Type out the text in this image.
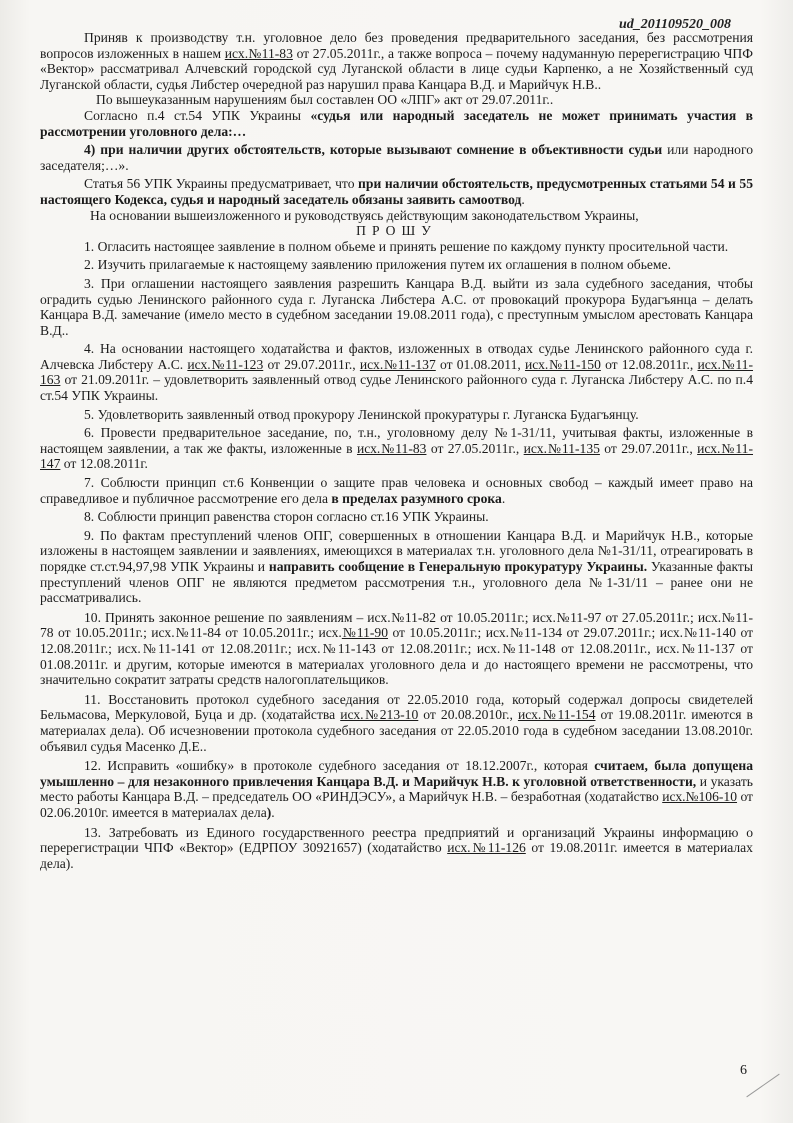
ud_201109520_008

Приняв к производству т.н. уголовное дело без проведения предварительного заседания, без рассмотрения вопросов изложенных в нашем исх.№11-83 от 27.05.2011г., а также вопроса – почему надуманную перерегистрацию ЧПФ «Вектор» рассматривал Алчевский городской суд Луганской области в лице судьи Карпенко, а не Хозяйственный суд Луганской области, судья Либстер очередной раз нарушил права Канцара В.Д. и Марийчук Н.В..

По вышеуказанным нарушениям был составлен ОО «ЛПГ» акт от 29.07.2011г..

Согласно п.4 ст.54 УПК Украины «судья или народный заседатель не может принимать участия в рассмотрении уголовного дела:…

4) при наличии других обстоятельств, которые вызывают сомнение в объективности судьи или народного заседателя;…».

Статья 56 УПК Украины предусматривает, что при наличии обстоятельств, предусмотренных статьями 54 и 55 настоящего Кодекса, судья и народный заседатель обязаны заявить самоотвод.

На основании вышеизложенного и руководствуясь действующим законодательством Украины,

ПРОШУ

1. Огласить настоящее заявление в полном обьеме и принять решение по каждому пункту просительной части.

2. Изучить прилагаемые к настоящему заявлению приложения путем их оглашения в полном обьеме.

3. При оглашении настоящего заявления разрешить Канцара В.Д. выйти из зала судебного заседания, чтобы оградить судью Ленинского районного суда г. Луганска Либстера А.С. от провокаций прокурора Будагъянца – делать Канцара В.Д. замечание (имело место в судебном заседании 19.08.2011 года), с преступным умыслом арестовать Канцара В.Д..

4. На основании настоящего ходатайства и фактов, изложенных в отводах судье Ленинского районного суда г. Алчевска Либстеру А.С. исх.№11-123 от 29.07.2011г., исх.№11-137 от 01.08.2011, исх.№11-150 от 12.08.2011г., исх.№11-163 от 21.09.2011г. – удовлетворить заявленный отвод судье Ленинского районного суда г. Луганска Либстеру А.С. по п.4 ст.54 УПК Украины.

5. Удовлетворить заявленный отвод прокурору Ленинской прокуратуры г. Луганска Будагъянцу.

6. Провести предварительное заседание, по, т.н., уголовному делу №1-31/11, учитывая факты, изложенные в настоящем заявлении, а так же факты, изложенные в исх.№11-83 от 27.05.2011г., исх.№11-135 от 29.07.2011г., исх.№11-147 от 12.08.2011г.

7. Соблюсти принцип ст.6 Конвенции о защите прав человека и основных свобод – каждый имеет право на справедливое и публичное рассмотрение его дела в пределах разумного срока.

8. Соблюсти принцип равенства сторон согласно ст.16 УПК Украины.

9. По фактам преступлений членов ОПГ, совершенных в отношении Канцара В.Д. и Марийчук Н.В., которые изложены в настоящем заявлении и заявлениях, имеющихся в материалах т.н. уголовного дела №1-31/11, отреагировать в порядке ст.ст.94,97,98 УПК Украины и направить сообщение в Генеральную прокуратуру Украины. Указанные факты преступлений членов ОПГ не являются предметом рассмотрения т.н., уголовного дела №1-31/11 – ранее они не рассматривались.

10. Принять законное решение по заявлениям – исх.№11-82 от 10.05.2011г.; исх.№11-97 от 27.05.2011г.; исх.№11-78 от 10.05.2011г.; исх.№11-84 от 10.05.2011г.; исх.№11-90 от 10.05.2011г.; исх.№11-134 от 29.07.2011г.; исх.№11-140 от 12.08.2011г.; исх.№11-141 от 12.08.2011г.; исх.№11-143 от 12.08.2011г.; исх.№11-148 от 12.08.2011г., исх.№11-137 от 01.08.2011г. и другим, которые имеются в материалах уголовного дела и до настоящего времени не рассмотрены, что значительно сократит затраты средств налогоплательщиков.

11. Восстановить протокол судебного заседания от 22.05.2010 года, который содержал допросы свидетелей Бельмасова, Меркуловой, Буца и др. (ходатайства исх.№213-10 от 20.08.2010г., исх.№11-154 от 19.08.2011г. имеются в материалах дела). Об исчезновении протокола судебного заседания от 22.05.2010 года в судебном заседании 13.08.2010г. объявил судья Масенко Д.Е..

12. Исправить «ошибку» в протоколе судебного заседания от 18.12.2007г., которая считаем, была допущена умышленно – для незаконного привлечения Канцара В.Д. и Марийчук Н.В. к уголовной ответственности, и указать место работы Канцара В.Д. – председатель ОО «РИНДЭСУ», а Марийчук Н.В. – безработная (ходатайство исх.№106-10 от 02.06.2010г. имеется в материалах дела).

13. Затребовать из Единого государственного реестра предприятий и организаций Украины информацию о перерегистрации ЧПФ «Вектор» (ЕДРПОУ 30921657) (ходатайство исх.№11-126 от 19.08.2011г. имеется в материалах дела).

6
